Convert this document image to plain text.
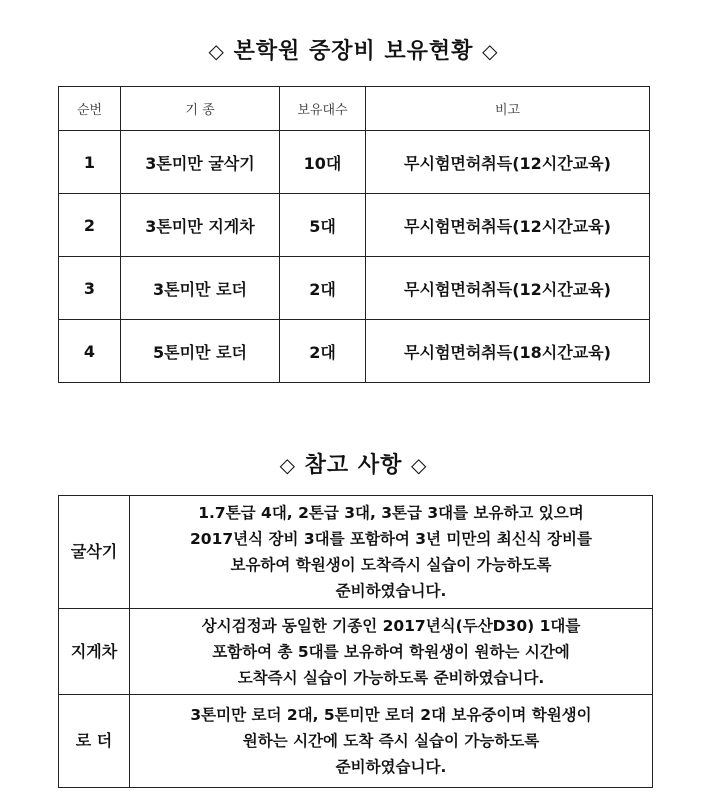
◇ 본학원 중장비 보유현황 ◇
순번	기 종	보유대수	비고
1	3톤미만 굴삭기	10대	무시험면허취득(12시간교육)
2	3톤미만 지게차	5대	무시험면허취득(12시간교육)
3	3톤미만 로더	2대	무시험면허취득(12시간교육)
4	5톤미만 로더	2대	무시험면허취득(18시간교육)
◇ 참고 사항 ◇
굴삭기	1.7톤급 4대, 2톤급 3대, 3톤급 3대를 보유하고 있으며
2017년식 장비 3대를 포함하여 3년 미만의 최신식 장비를
보유하여 학원생이 도착즉시 실습이 가능하도록
준비하였습니다.

지게차	상시검정과 동일한 기종인 2017년식(두산D30) 1대를
포함하여 총 5대를 보유하여 학원생이 원하는 시간에
도착즉시 실습이 가능하도록 준비하였습니다.

로 더	3톤미만 로더 2대, 5톤미만 로더 2대 보유중이며 학원생이
원하는 시간에 도착 즉시 실습이 가능하도록
준비하였습니다.
